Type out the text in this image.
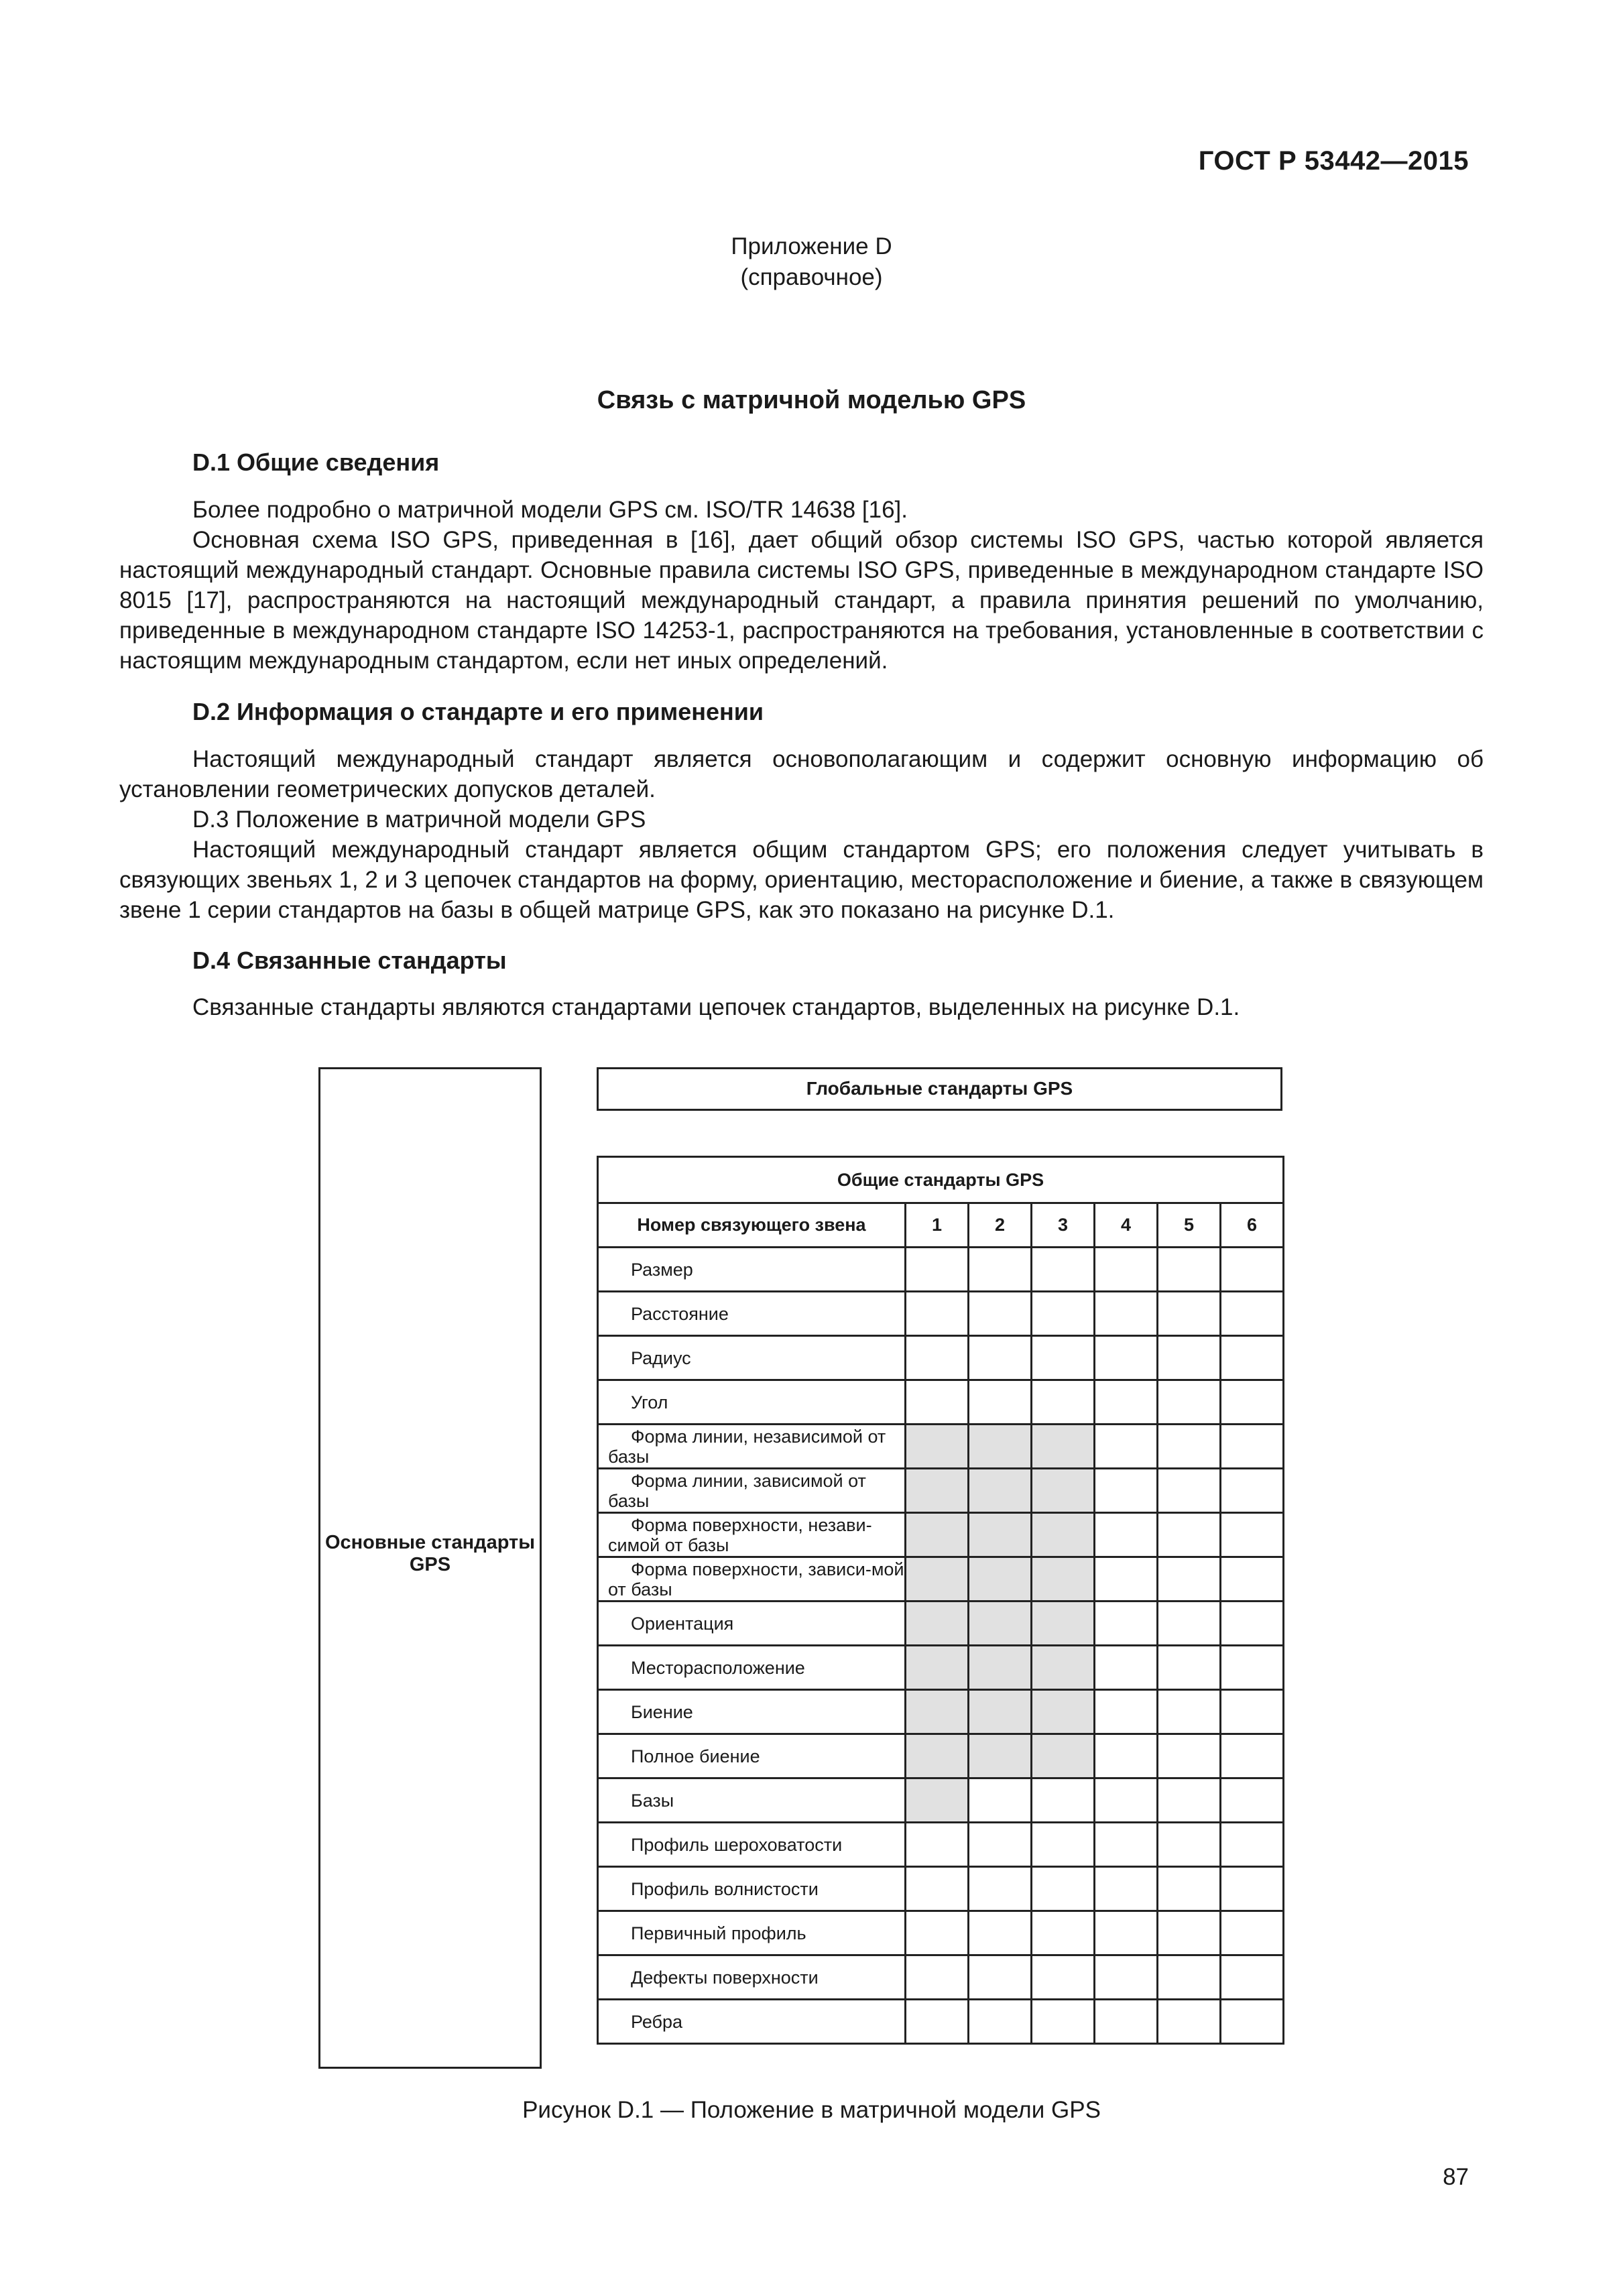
ГОСТ Р 53442—2015
Приложение D
(справочное)
Связь с матричной моделью GPS
D.1 Общие сведения

Более подробно о матричной модели GPS см. ISO/TR 14638 [16].

Основная схема ISO GPS, приведенная в [16], дает общий обзор системы ISO GPS, частью которой является настоящий международный стандарт. Основные правила системы ISO GPS, приведенные в международном стандарте ISO 8015 [17], распространяются на настоящий международный стандарт, а правила принятия решений по умолчанию, приведенные в международном стандарте ISO 14253-1, распространяются на требования, установленные в соответствии с настоящим международным стандартом, если нет иных определений.

D.2 Информация о стандарте и его применении

Настоящий международный стандарт является основополагающим и содержит основную информацию об установлении геометрических допусков деталей.

D.3 Положение в матричной модели GPS

Настоящий международный стандарт является общим стандартом GPS; его положения следует учитывать в связующих звеньях 1, 2 и 3 цепочек стандартов на форму, ориентацию, месторасположение и биение, а также в связующем звене 1 серии стандартов на базы в общей матрице GPS, как это показано на рисунке D.1.

D.4 Связанные стандарты

Связанные стандарты являются стандартами цепочек стандартов, выделенных на рисунке D.1.

Основные стандарты GPS
Глобальные стандарты GPS
Общие стандарты GPS						
Номер связующего звена	1	2	3	4	5	6
Размер						
Расстояние						
Радиус						
Угол						
Форма линии, независимой от базы						
Форма линии, зависимой от базы						
Форма поверхности, незави-симой от базы						
Форма поверхности, зависи-мой от базы						
Ориентация						
Месторасположение						
Биение						
Полное биение						
Базы						
Профиль шероховатости						
Профиль волнистости						
Первичный профиль						
Дефекты поверхности						
Ребра						
Рисунок D.1 — Положение в матричной модели GPS
87
